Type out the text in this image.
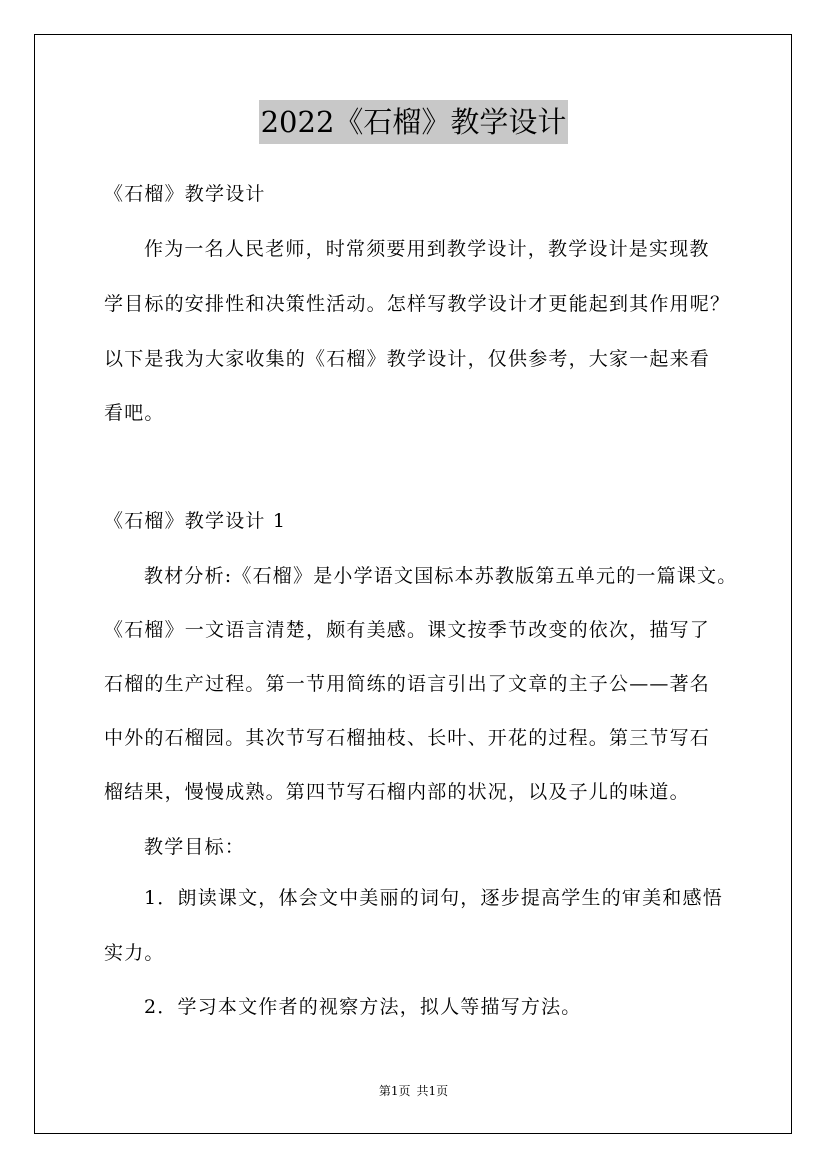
2022《石榴》教学设计
《石榴》教学设计
作为一名人民老师，时常须要用到教学设计，教学设计是实现教
学目标的安排性和决策性活动。怎样写教学设计才更能起到其作用呢？
以下是我为大家收集的《石榴》教学设计，仅供参考，大家一起来看
看吧。
《石榴》教学设计 1
教材分析:《石榴》是小学语文国标本苏教版第五单元的一篇课文。
《石榴》一文语言清楚，颇有美感。课文按季节改变的依次，描写了
石榴的生产过程。第一节用简练的语言引出了文章的主子公——著名
中外的石榴园。其次节写石榴抽枝、长叶、开花的过程。第三节写石
榴结果，慢慢成熟。第四节写石榴内部的状况，以及子儿的味道。
教学目标：
1．朗读课文，体会文中美丽的词句，逐步提高学生的审美和感悟
实力。
2．学习本文作者的视察方法，拟人等描写方法。
第1页 共1页
